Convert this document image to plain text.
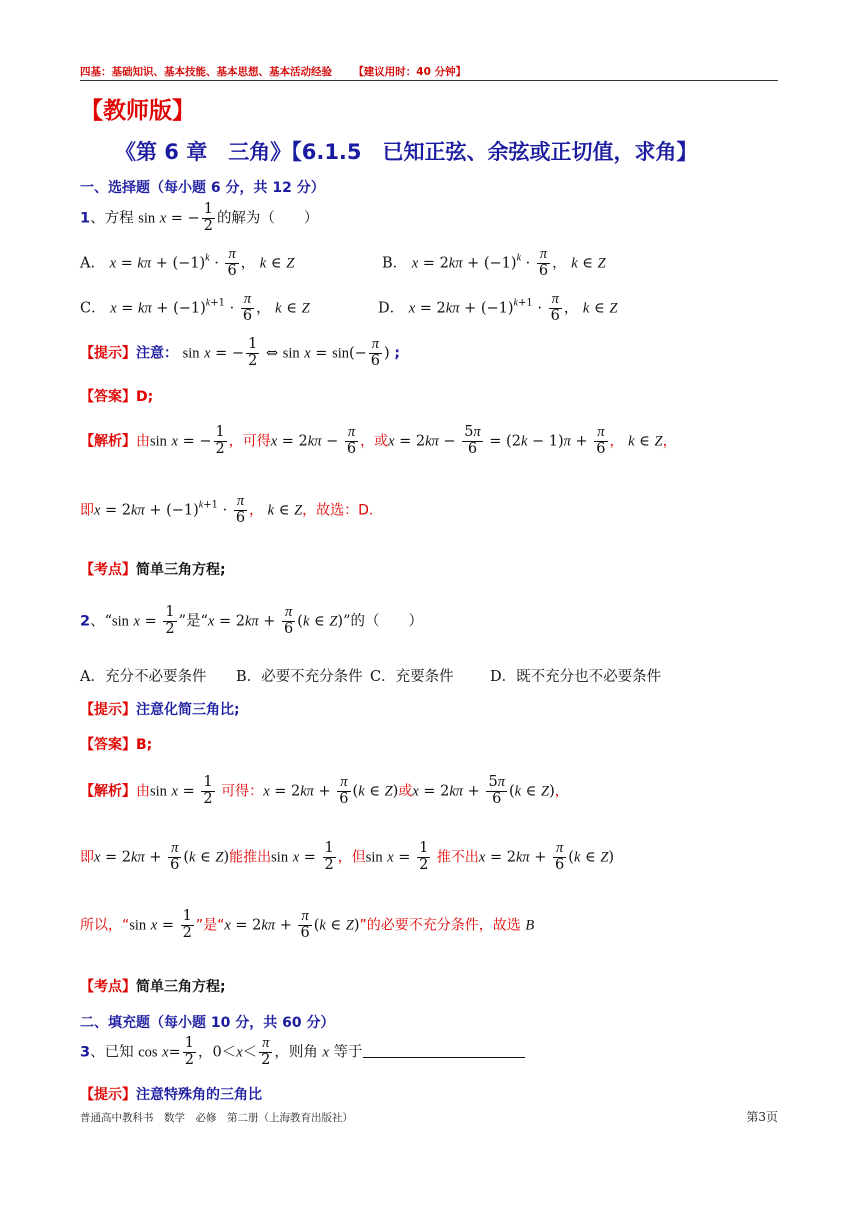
四基：基础知识、基本技能、基本思想、基本活动经验 【建议用时：40 分钟】
【教师版】
《第 6 章　三角》【6.1.5　已知正弦、余弦或正切值，求角】
一、选择题（每小题 6 分，共 12 分）
1、方程 sin x = − $\frac{1}{2}$ 的解为（　　）
A． $x = k\pi + (-1)^k \cdot \frac{\pi}{6}$ ， k ∈ Z	B． $x = 2k\pi + (-1)^k \cdot \frac{\pi}{6}$ ， k ∈ Z
C． $x = k\pi + (-1)^{k+1} \cdot \frac{\pi}{6}$ ， k ∈ Z	D． $x = 2k\pi + (-1)^{k+1} \cdot \frac{\pi}{6}$ ， k ∈ Z
【提示】注意： sin x = − $\frac{1}{2}$ ⇔ $\sin x = \sin(- \frac{\pi}{6}$ ) ;
【答案】D;
【解析】由sin x = − $\frac{1}{2}$ ，可得$x = 2k\pi - \frac{\pi}{6}$ ，或$x = 2k\pi - \frac{5\pi}{6} = (2k - 1)\pi + \frac{\pi}{6}$ ， k ∈ Z，
即$x = 2k\pi + (-1)^{k+1} \cdot \frac{\pi}{6}$ ， k ∈ Z，故选：D.
【考点】简单三角方程;
2、“sin $x = \frac{1}{2}$ ”是“$x = 2k\pi + \frac{\pi}{6} (k$ ∈ Z)”的（　　）
A．充分不必要条件 B．必要不充分条件 C．充要条件	D．既不充分也不必要条件
【提示】注意化简三角比;
【答案】B;
【解析】由$\sin x = \frac{1}{2}$ 可得：$x = 2k\pi + \frac{\pi}{6} (k$ ∈ Z)或$x = 2k\pi + \frac{5\pi}{6} (k$ ∈ Z)，
即$x = 2k\pi + \frac{\pi}{6} (k$ ∈ Z)能推出$\sin x = \frac{1}{2}$ ，但$\sin x = \frac{1}{2}$ 推不出$x = 2k\pi + \frac{\pi}{6} (k$ ∈ Z)
所以，“sin $x = \frac{1}{2}$ ”是“$x = 2k\pi + \frac{\pi}{6} (k$ ∈ Z)”的必要不充分条件，故选 B
【考点】简单三角方程;
二、填充题（每小题 10 分，共 60 分）
3、已知 $\cos x= \frac{1}{2}$ ，$0<x< \frac{\pi}{2}$ ，则角 x 等于
【提示】注意特殊角的三角比
普通高中教科书　数学　必修　第二册（上海教育出版社）	第3页
